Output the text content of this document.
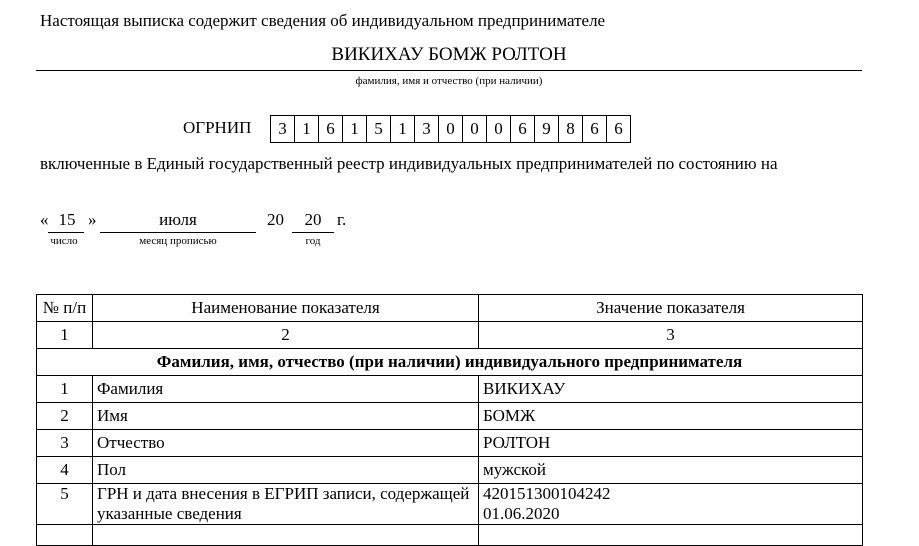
Настоящая выписка содержит сведения об индивидуальном предпринимателе
ВИКИХАУ БОМЖ РОЛТОН
фамилия, имя и отчество (при наличии)
ОГРНИП	3 1 6 1 5 1 3 0 0 0 6 9 8 6 6
включенные в Единый государственный реестр индивидуальных предпринимателей по состоянию на
« 15 »	июля	20	20 г.
число	месяц прописью	год
№ п/п	Наименование показателя	Значение показателя
1	2	3
Фамилия, имя, отчество (при наличии) индивидуального предпринимателя		
1	Фамилия	ВИКИХАУ
2	Имя	БОМЖ
3	Отчество	РОЛТОН
4	Пол	мужской
5	ГРН и дата внесения в ЕГРИП записи, содержащей указанные сведения	420151300104242
01.06.2020
